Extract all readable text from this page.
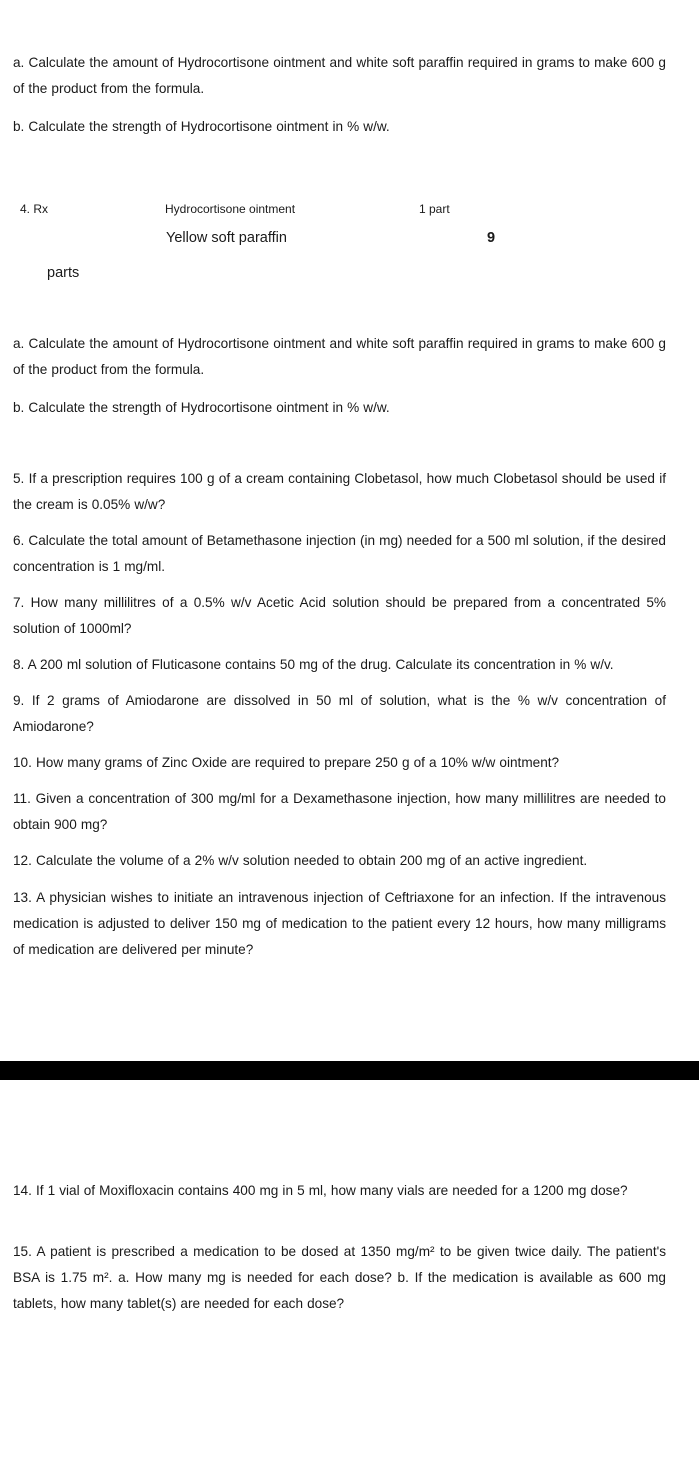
a. Calculate the amount of Hydrocortisone ointment and white soft paraffin required in grams to make 600 g of the product from the formula.

b. Calculate the strength of Hydrocortisone ointment in % w/w.

4. Rx	Hydrocortisone ointment	1 part
Yellow soft paraffin	9
parts

a. Calculate the amount of Hydrocortisone ointment and white soft paraffin required in grams to make 600 g of the product from the formula.

b. Calculate the strength of Hydrocortisone ointment in % w/w.

5. If a prescription requires 100 g of a cream containing Clobetasol, how much Clobetasol should be used if the cream is 0.05% w/w?

6. Calculate the total amount of Betamethasone injection (in mg) needed for a 500 ml solution, if the desired concentration is 1 mg/ml.

7. How many millilitres of a 0.5% w/v Acetic Acid solution should be prepared from a concentrated 5% solution of 1000ml?

8. A 200 ml solution of Fluticasone contains 50 mg of the drug. Calculate its concentration in % w/v.

9. If 2 grams of Amiodarone are dissolved in 50 ml of solution, what is the % w/v concentration of Amiodarone?

10. How many grams of Zinc Oxide are required to prepare 250 g of a 10% w/w ointment?

11. Given a concentration of 300 mg/ml for a Dexamethasone injection, how many millilitres are needed to obtain 900 mg?

12. Calculate the volume of a 2% w/v solution needed to obtain 200 mg of an active ingredient.

13. A physician wishes to initiate an intravenous injection of Ceftriaxone for an infection. If the intravenous medication is adjusted to deliver 150 mg of medication to the patient every 12 hours, how many milligrams of medication are delivered per minute?

14. If 1 vial of Moxifloxacin contains 400 mg in 5 ml, how many vials are needed for a 1200 mg dose?

15. A patient is prescribed a medication to be dosed at 1350 mg/m² to be given twice daily. The patient's BSA is 1.75 m². a. How many mg is needed for each dose? b. If the medication is available as 600 mg tablets, how many tablet(s) are needed for each dose?
